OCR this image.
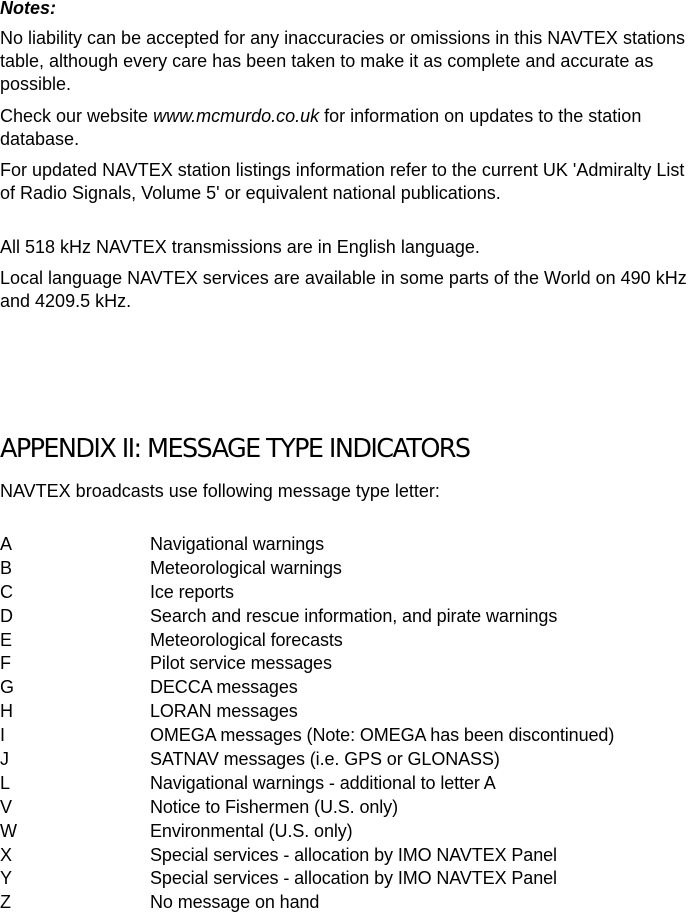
Notes:

No liability can be accepted for any inaccuracies or omissions in this NAVTEX stations table, although every care has been taken to make it as complete and accurate as possible.

Check our website www.mcmurdo.co.uk for information on updates to the station database.

For updated NAVTEX station listings information refer to the current UK 'Admiralty List of Radio Signals, Volume 5' or equivalent national publications.

All 518 kHz NAVTEX transmissions are in English language.

Local language NAVTEX services are available in some parts of the World on 490 kHz and 4209.5 kHz.

APPENDIX II: MESSAGE TYPE INDICATORS

NAVTEX broadcasts use following message type letter:

A	Navigational warnings
B	Meteorological warnings
C	Ice reports
D	Search and rescue information, and pirate warnings
E	Meteorological forecasts
F	Pilot service messages
G	DECCA messages
H	LORAN messages
I	OMEGA messages (Note: OMEGA has been discontinued)
J	SATNAV messages (i.e. GPS or GLONASS)
L	Navigational warnings - additional to letter A
V	Notice to Fishermen (U.S. only)
W	Environmental (U.S. only)
X	Special services - allocation by IMO NAVTEX Panel
Y	Special services - allocation by IMO NAVTEX Panel
Z	No message on hand
